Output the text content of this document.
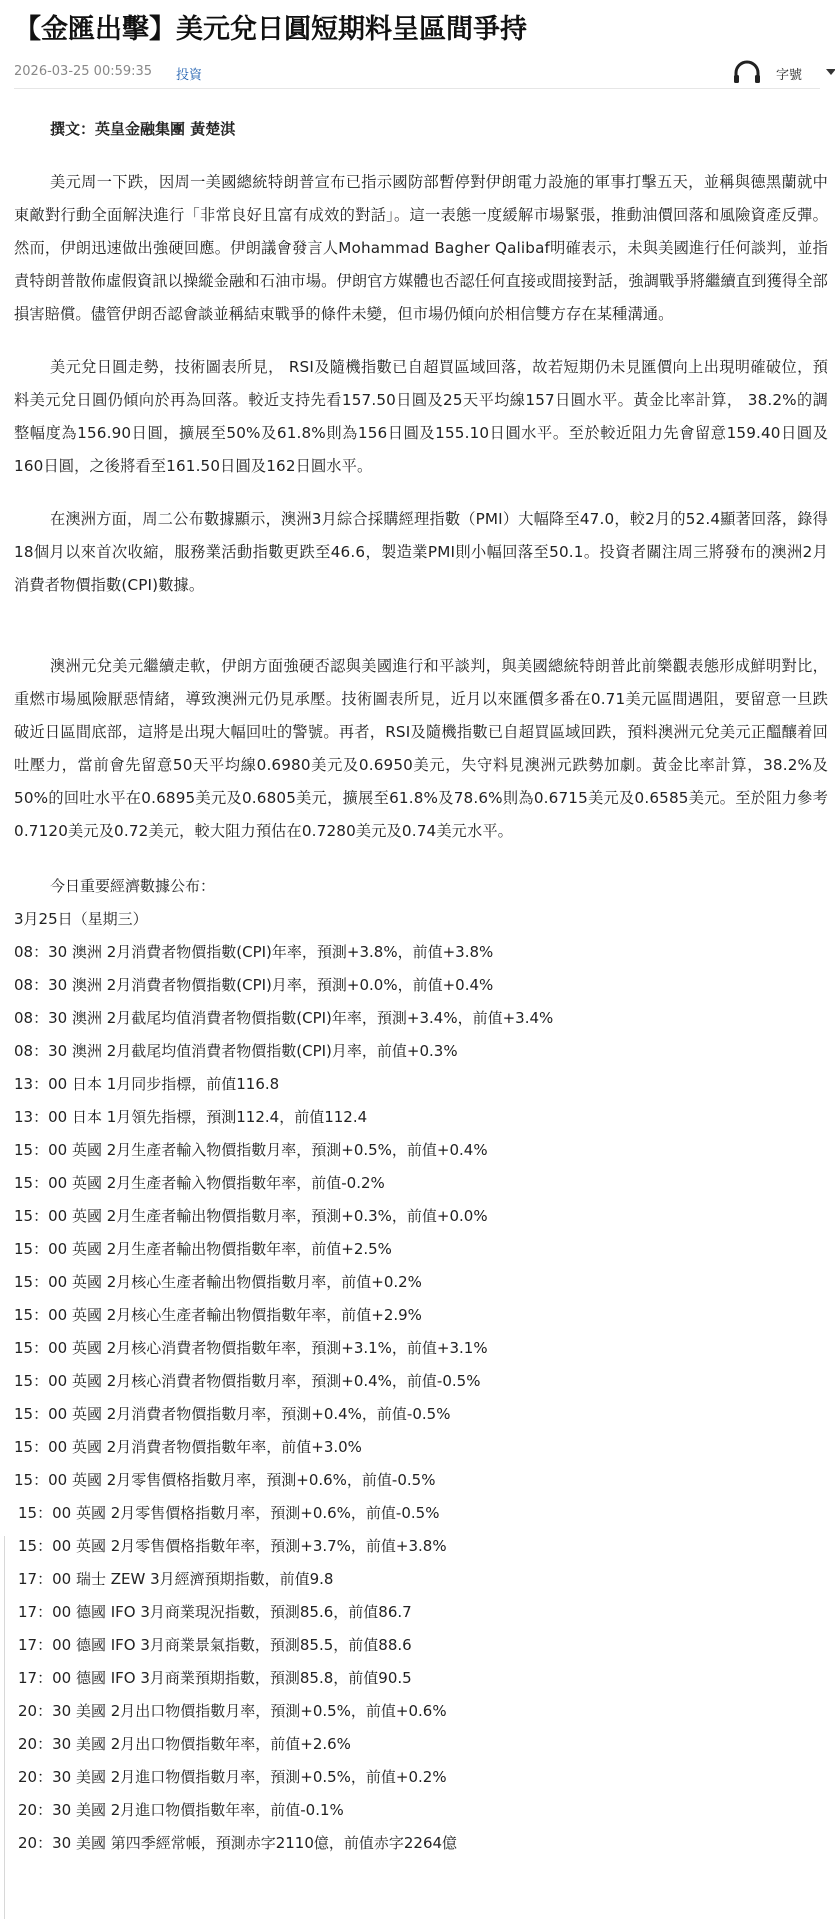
【金匯出擊】美元兌日圓短期料呈區間爭持
2026-03-25 00:59:35 投資	字號
撰文：英皇金融集團 黃楚淇

美元周一下跌，因周一美國總統特朗普宣布已指示國防部暫停對伊朗電力設施的軍事打擊五天，並稱與德黑蘭就中東敵對行動全面解決進行「非常良好且富有成效的對話」。這一表態一度緩解市場緊張，推動油價回落和風險資產反彈。然而，伊朗迅速做出強硬回應。伊朗議會發言人Mohammad Bagher Qalibaf明確表示，未與美國進行任何談判，並指責特朗普散佈虛假資訊以操縱金融和石油市場。伊朗官方媒體也否認任何直接或間接對話，強調戰爭將繼續直到獲得全部損害賠償。儘管伊朗否認會談並稱結束戰爭的條件未變，但市場仍傾向於相信雙方存在某種溝通。

美元兌日圓走勢，技術圖表所見， RSI及隨機指數已自超買區域回落，故若短期仍未見匯價向上出現明確破位，預料美元兌日圓仍傾向於再為回落。較近支持先看157.50日圓及25天平均線157日圓水平。黃金比率計算， 38.2%的調整幅度為156.90日圓，擴展至50%及61.8%則為156日圓及155.10日圓水平。至於較近阻力先會留意159.40日圓及160日圓，之後將看至161.50日圓及162日圓水平。

在澳洲方面，周二公布數據顯示，澳洲3月綜合採購經理指數（PMI）大幅降至47.0，較2月的52.4顯著回落，錄得18個月以來首次收縮，服務業活動指數更跌至46.6，製造業PMI則小幅回落至50.1。投資者關注周三將發布的澳洲2月消費者物價指數(CPI)數據。

澳洲元兌美元繼續走軟，伊朗方面強硬否認與美國進行和平談判，與美國總統特朗普此前樂觀表態形成鮮明對比，重燃市場風險厭惡情緒，導致澳洲元仍見承壓。技術圖表所見，近月以來匯價多番在0.71美元區間遇阻，要留意一旦跌破近日區間底部，這將是出現大幅回吐的警號。再者，RSI及隨機指數已自超買區域回跌，預料澳洲元兌美元正醞釀着回吐壓力，當前會先留意50天平均線0.6980美元及0.6950美元，失守料見澳洲元跌勢加劇。黃金比率計算，38.2%及50%的回吐水平在0.6895美元及0.6805美元，擴展至61.8%及78.6%則為0.6715美元及0.6585美元。至於阻力參考0.7120美元及0.72美元，較大阻力預估在0.7280美元及0.74美元水平。

今日重要經濟數據公布：
3月25日（星期三）
08：30 澳洲 2月消費者物價指數(CPI)年率，預測+3.8%，前值+3.8%
08：30 澳洲 2月消費者物價指數(CPI)月率，預測+0.0%，前值+0.4%
08：30 澳洲 2月截尾均值消費者物價指數(CPI)年率，預測+3.4%，前值+3.4%
08：30 澳洲 2月截尾均值消費者物價指數(CPI)月率，前值+0.3%
13：00 日本 1月同步指標，前值116.8
13：00 日本 1月領先指標，預測112.4，前值112.4
15：00 英國 2月生產者輸入物價指數月率，預測+0.5%，前值+0.4%
15：00 英國 2月生產者輸入物價指數年率，前值-0.2%
15：00 英國 2月生產者輸出物價指數月率，預測+0.3%，前值+0.0%
15：00 英國 2月生產者輸出物價指數年率，前值+2.5%
15：00 英國 2月核心生產者輸出物價指數月率，前值+0.2%
15：00 英國 2月核心生產者輸出物價指數年率，前值+2.9%
15：00 英國 2月核心消費者物價指數年率，預測+3.1%，前值+3.1%
15：00 英國 2月核心消費者物價指數月率，預測+0.4%，前值-0.5%
15：00 英國 2月消費者物價指數月率，預測+0.4%，前值-0.5%
15：00 英國 2月消費者物價指數年率，前值+3.0%
15：00 英國 2月零售價格指數月率，預測+0.6%，前值-0.5%
15：00 英國 2月零售價格指數月率，預測+0.6%，前值-0.5%
15：00 英國 2月零售價格指數年率，預測+3.7%，前值+3.8%
17：00 瑞士 ZEW 3月經濟預期指數，前值9.8
17：00 德國 IFO 3月商業現況指數，預測85.6，前值86.7
17：00 德國 IFO 3月商業景氣指數，預測85.5，前值88.6
17：00 德國 IFO 3月商業預期指數，預測85.8，前值90.5
20：30 美國 2月出口物價指數月率，預測+0.5%，前值+0.6%
20：30 美國 2月出口物價指數年率，前值+2.6%
20：30 美國 2月進口物價指數月率，預測+0.5%，前值+0.2%
20：30 美國 2月進口物價指數年率，前值-0.1%
20：30 美國 第四季經常帳，預測赤字2110億，前值赤字2264億
